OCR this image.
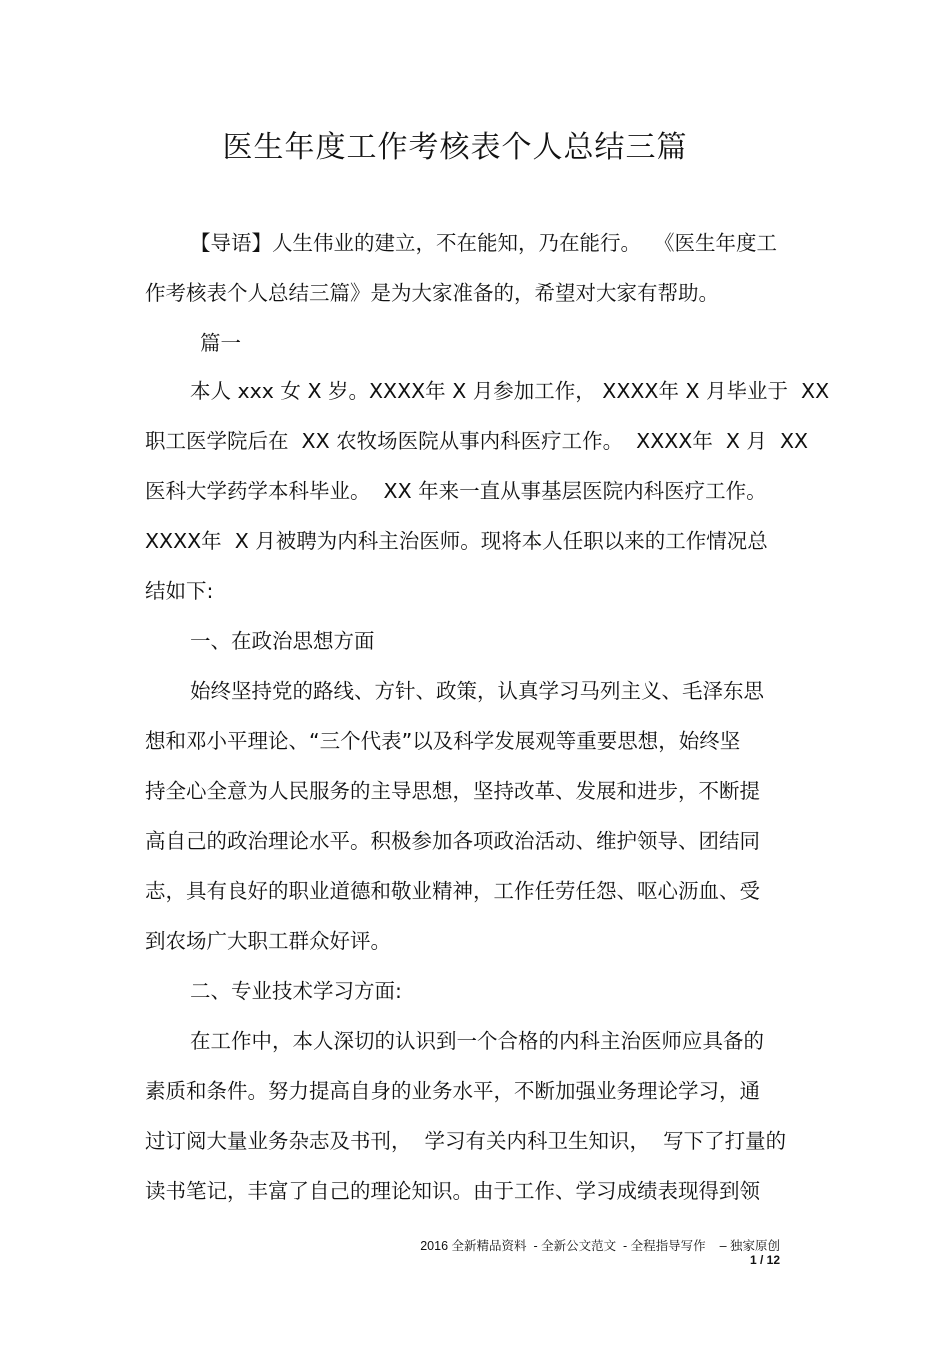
医生年度工作考核表个人总结三篇
【导语】人生伟业的建立，不在能知，乃在能行。  《医生年度工
作考核表个人总结三篇》是为大家准备的，希望对大家有帮助。
篇一
本人 xxx 女 X 岁。XXXX年 X 月参加工作， XXXX年 X 月毕业于  XX
职工医学院后在  XX 农牧场医院从事内科医疗工作。  XXXX年  X 月  XX
医科大学药学本科毕业。  XX 年来一直从事基层医院内科医疗工作。
XXXX年  X 月被聘为内科主治医师。现将本人任职以来的工作情况总
结如下:
一、在政治思想方面
始终坚持党的路线、方针、政策，认真学习马列主义、毛泽东思
想和邓小平理论、“三个代表”以及科学发展观等重要思想，始终坚
持全心全意为人民服务的主导思想，坚持改革、发展和进步，不断提
高自己的政治理论水平。积极参加各项政治活动、维护领导、团结同
志，具有良好的职业道德和敬业精神，工作任劳任怨、呕心沥血、受
到农场广大职工群众好评。
二、专业技术学习方面:
在工作中，本人深切的认识到一个合格的内科主治医师应具备的
素质和条件。努力提高自身的业务水平，不断加强业务理论学习，通
过订阅大量业务杂志及书刊，  学习有关内科卫生知识，  写下了打量的
读书笔记，丰富了自己的理论知识。由于工作、学习成绩表现得到领
2016 全新精品资料  - 全新公文范文  - 全程指导写作    – 独家原创
1 / 12
